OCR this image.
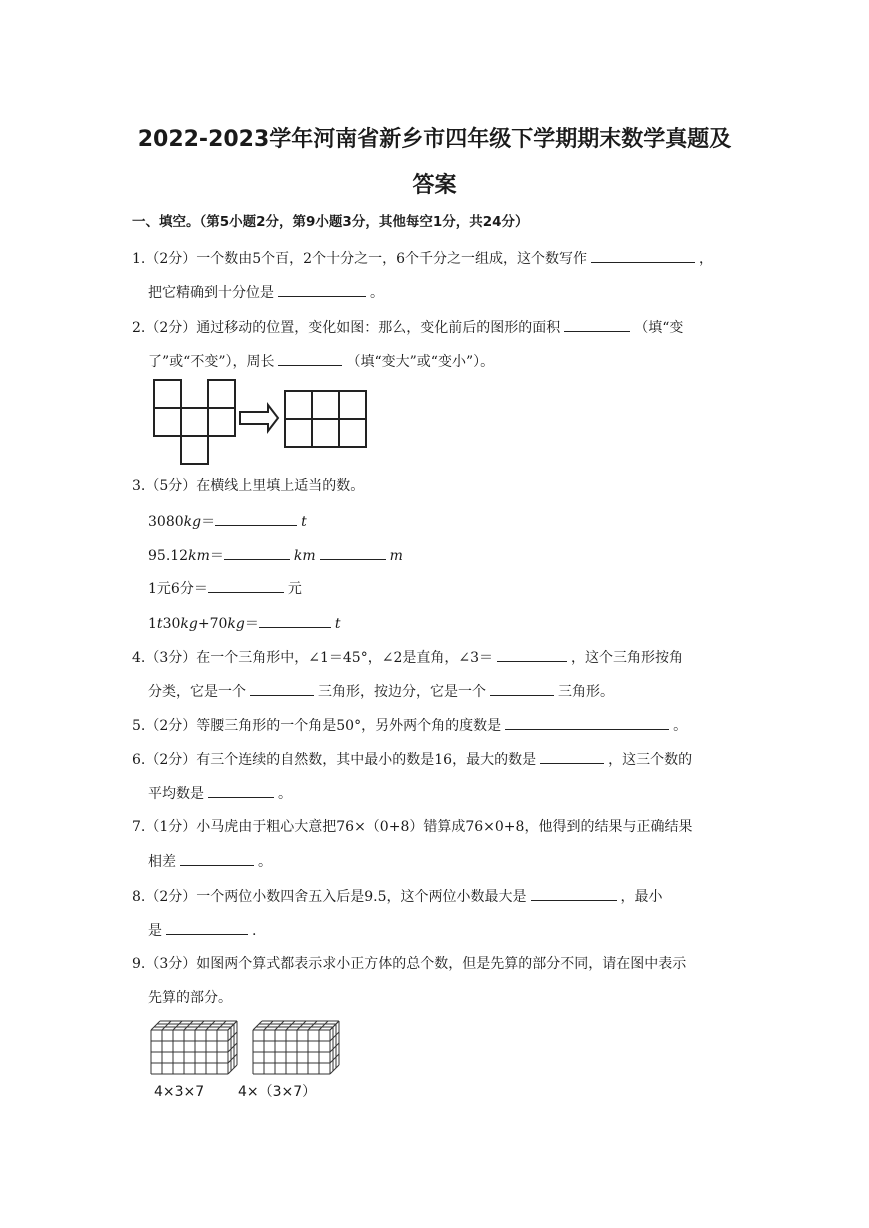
2022-2023学年河南省新乡市四年级下学期期末数学真题及
答案
一、填空。（第5小题2分，第9小题3分，其他每空1分，共24分）
1.（2分）一个数由5个百，2个十分之一，6个千分之一组成，这个数写作	，
把它精确到十分位是	。
2.（2分）通过移动的位置，变化如图：那么，变化前后的图形的面积	（填“变
了”或“不变”），周长	（填“变大”或“变小”）。
3.（5分）在横线上里填上适当的数。
3080kg＝	t
95.12km＝	km	m
1元6分＝	元
1t30kg+70kg＝	t
4.（3分）在一个三角形中，∠1＝45°，∠2是直角，∠3＝	，这个三角形按角
分类，它是一个	三角形，按边分，它是一个	三角形。
5.（2分）等腰三角形的一个角是50°，另外两个角的度数是	。
6.（2分）有三个连续的自然数，其中最小的数是16，最大的数是	，这三个数的
平均数是	。
7.（1分）小马虎由于粗心大意把76×（0+8）错算成76×0+8，他得到的结果与正确结果
相差	。
8.（2分）一个两位小数四舍五入后是9.5，这个两位小数最大是	，最小
是	.
9.（3分）如图两个算式都表示求小正方体的总个数，但是先算的部分不同，请在图中表示
先算的部分。
4×3×7 4×（3×7）
